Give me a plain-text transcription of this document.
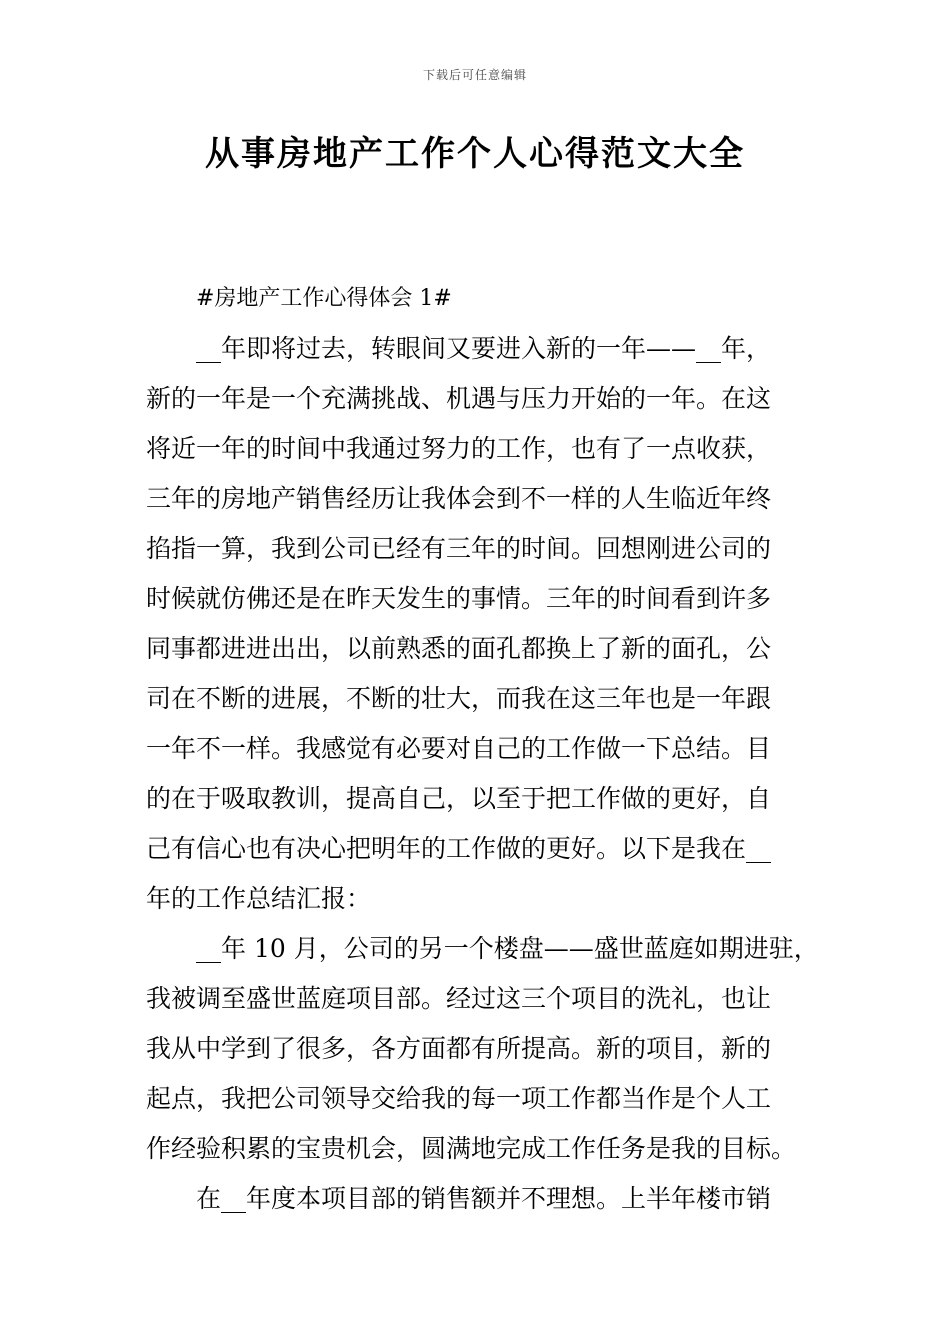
下载后可任意编辑
从事房地产工作个人心得范文大全
#房地产工作心得体会 1#

__年即将过去，转眼间又要进入新的一年——__年，
新的一年是一个充满挑战、机遇与压力开始的一年。在这
将近一年的时间中我通过努力的工作，也有了一点收获，
三年的房地产销售经历让我体会到不一样的人生临近年终
掐指一算，我到公司已经有三年的时间。回想刚进公司的
时候就仿佛还是在昨天发生的事情。三年的时间看到许多
同事都进进出出，以前熟悉的面孔都换上了新的面孔，公
司在不断的进展，不断的壮大，而我在这三年也是一年跟
一年不一样。我感觉有必要对自己的工作做一下总结。目
的在于吸取教训，提高自己，以至于把工作做的更好，自
己有信心也有决心把明年的工作做的更好。以下是我在__
年的工作总结汇报：

__年 10 月，公司的另一个楼盘——盛世蓝庭如期进驻，
我被调至盛世蓝庭项目部。经过这三个项目的洗礼，也让
我从中学到了很多，各方面都有所提高。新的项目，新的
起点，我把公司领导交给我的每一项工作都当作是个人工
作经验积累的宝贵机会，圆满地完成工作任务是我的目标。

在__年度本项目部的销售额并不理想。上半年楼市销
